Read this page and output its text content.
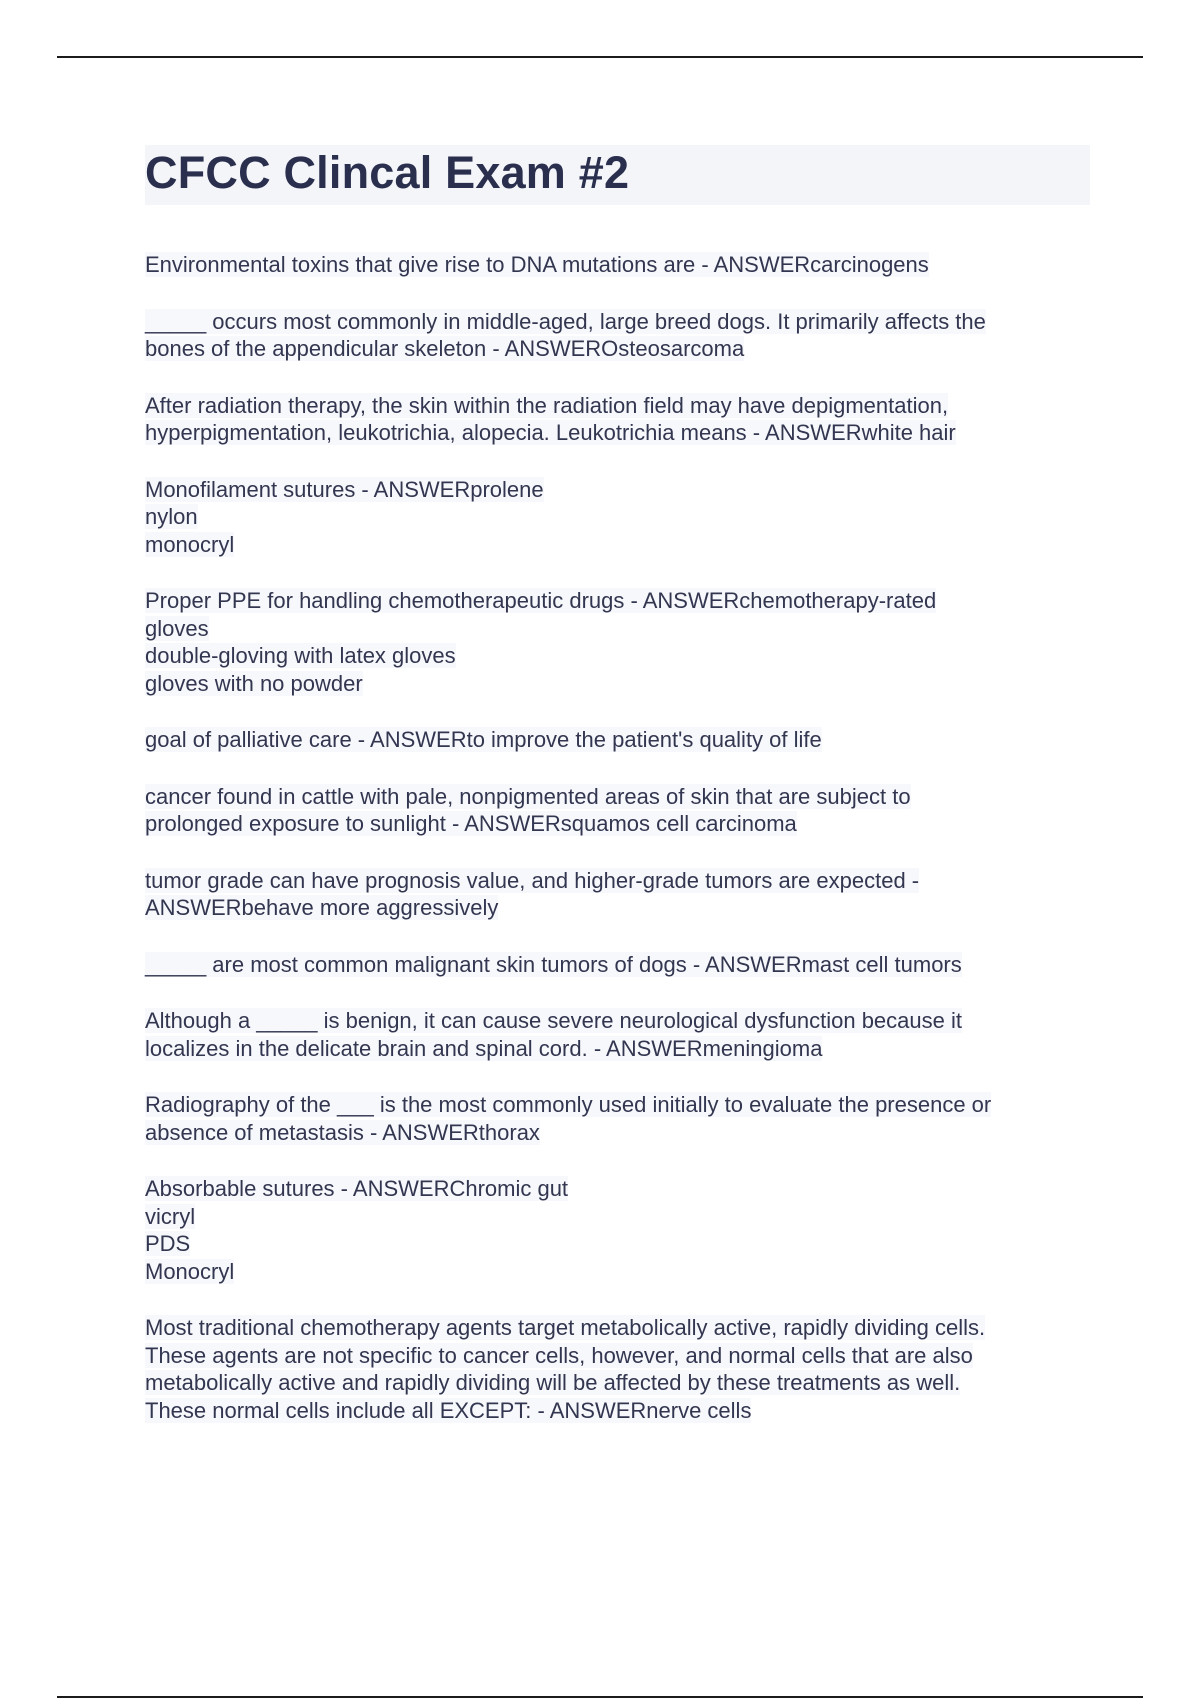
CFCC Clincal Exam #2

Environmental toxins that give rise to DNA mutations are - ANSWERcarcinogens

_____ occurs most commonly in middle-aged, large breed dogs. It primarily affects the
bones of the appendicular skeleton - ANSWEROsteosarcoma

After radiation therapy, the skin within the radiation field may have depigmentation,
hyperpigmentation, leukotrichia, alopecia. Leukotrichia means - ANSWERwhite hair

Monofilament sutures - ANSWERprolene
nylon
monocryl

Proper PPE for handling chemotherapeutic drugs - ANSWERchemotherapy-rated
gloves
double-gloving with latex gloves
gloves with no powder

goal of palliative care - ANSWERto improve the patient's quality of life

cancer found in cattle with pale, nonpigmented areas of skin that are subject to
prolonged exposure to sunlight - ANSWERsquamos cell carcinoma

tumor grade can have prognosis value, and higher-grade tumors are expected -
ANSWERbehave more aggressively

_____ are most common malignant skin tumors of dogs - ANSWERmast cell tumors

Although a _____ is benign, it can cause severe neurological dysfunction because it
localizes in the delicate brain and spinal cord. - ANSWERmeningioma

Radiography of the ___ is the most commonly used initially to evaluate the presence or
absence of metastasis - ANSWERthorax

Absorbable sutures - ANSWERChromic gut
vicryl
PDS
Monocryl

Most traditional chemotherapy agents target metabolically active, rapidly dividing cells.
These agents are not specific to cancer cells, however, and normal cells that are also
metabolically active and rapidly dividing will be affected by these treatments as well.
These normal cells include all EXCEPT: - ANSWERnerve cells
